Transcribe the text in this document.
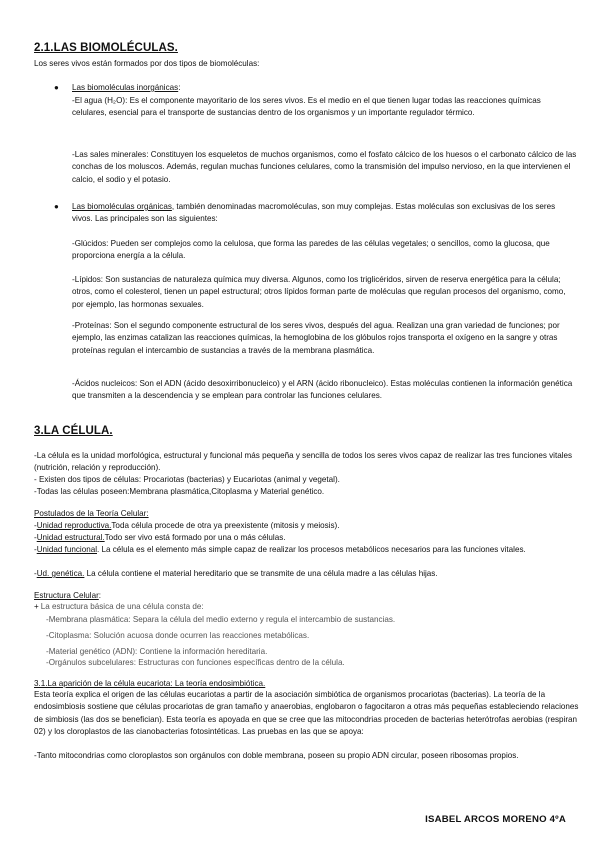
2.1.LAS BIOMOLÉCULAS.

Los seres vivos están formados por dos tipos de biomoléculas:

● Las biomoléculas inorgánicas:

-El agua (H₂O): Es el componente mayoritario de los seres vivos. Es el medio en el que tienen lugar todas las reacciones químicas celulares, esencial para el transporte de sustancias dentro de los organismos y un importante regulador térmico.

-Las sales minerales: Constituyen los esqueletos de muchos organismos, como el fosfato cálcico de los huesos o el carbonato cálcico de las conchas de los moluscos. Además, regulan muchas funciones celulares, como la transmisión del impulso nervioso, en la que intervienen el calcio, el sodio y el potasio.

● Las biomoléculas orgánicas, también denominadas macromoléculas, son muy complejas. Estas moléculas son exclusivas de los seres vivos. Las principales son las siguientes:

-Glúcidos: Pueden ser complejos como la celulosa, que forma las paredes de las células vegetales; o sencillos, como la glucosa, que proporciona energía a la célula.

-Lípidos: Son sustancias de naturaleza química muy diversa. Algunos, como los triglicéridos, sirven de reserva energética para la célula; otros, como el colesterol, tienen un papel estructural; otros lípidos forman parte de moléculas que regulan procesos del organismo, como, por ejemplo, las hormonas sexuales.

-Proteínas: Son el segundo componente estructural de los seres vivos, después del agua. Realizan una gran variedad de funciones; por ejemplo, las enzimas catalizan las reacciones químicas, la hemoglobina de los glóbulos rojos transporta el oxígeno en la sangre y otras proteínas regulan el intercambio de sustancias a través de la membrana plasmática.

-Ácidos nucleicos: Son el ADN (ácido desoxirribonucleico) y el ARN (ácido ribonucleico). Estas moléculas contienen la información genética que transmiten a la descendencia y se emplean para controlar las funciones celulares.

3.LA CÉLULA.

-La célula es la unidad morfológica, estructural y funcional más pequeña y sencilla de todos los seres vivos capaz de realizar las tres funciones vitales (nutrición, relación y reproducción).

- Existen dos tipos de células: Procariotas (bacterias) y Eucariotas (animal y vegetal).

-Todas las células poseen:Membrana plasmática,Citoplasma y Material genético.

Postulados de la Teoría Celular:

-Unidad reproductiva.Toda célula procede de otra ya preexistente (mitosis y meiosis).

-Unidad estructural.Todo ser vivo está formado por una o más células.

-Unidad funcional. La célula es el elemento más simple capaz de realizar los procesos metabólicos necesarios para las funciones vitales.

-Ud. genética. La célula contiene el material hereditario que se transmite de una célula madre a las células hijas.

Estructura Celular:

+ La estructura básica de una célula consta de:

-Membrana plasmática: Separa la célula del medio externo y regula el intercambio de sustancias.

-Citoplasma: Solución acuosa donde ocurren las reacciones metabólicas.

-Material genético (ADN): Contiene la información hereditaria.

-Orgánulos subcelulares: Estructuras con funciones específicas dentro de la célula.

3.1.La aparición de la célula eucariota: La teoría endosimbiótica.

Esta teoría explica el origen de las células eucariotas a partir de la asociación simbiótica de organismos procariotas (bacterias). La teoría de la endosimbiosis sostiene que células procariotas de gran tamaño y anaerobias, englobaron o fagocitaron a otras más pequeñas estableciendo relaciones de simbiosis (las dos se benefician). Esta teoría es apoyada en que se cree que las mitocondrias proceden de bacterias heterótrofas aerobias (respiran 02) y los cloroplastos de las cianobacterias fotosintéticas. Las pruebas en las que se apoya:

-Tanto mitocondrias como cloroplastos son orgánulos con doble membrana, poseen su propio ADN circular, poseen ribosomas propios.

ISABEL ARCOS MORENO 4ºA
